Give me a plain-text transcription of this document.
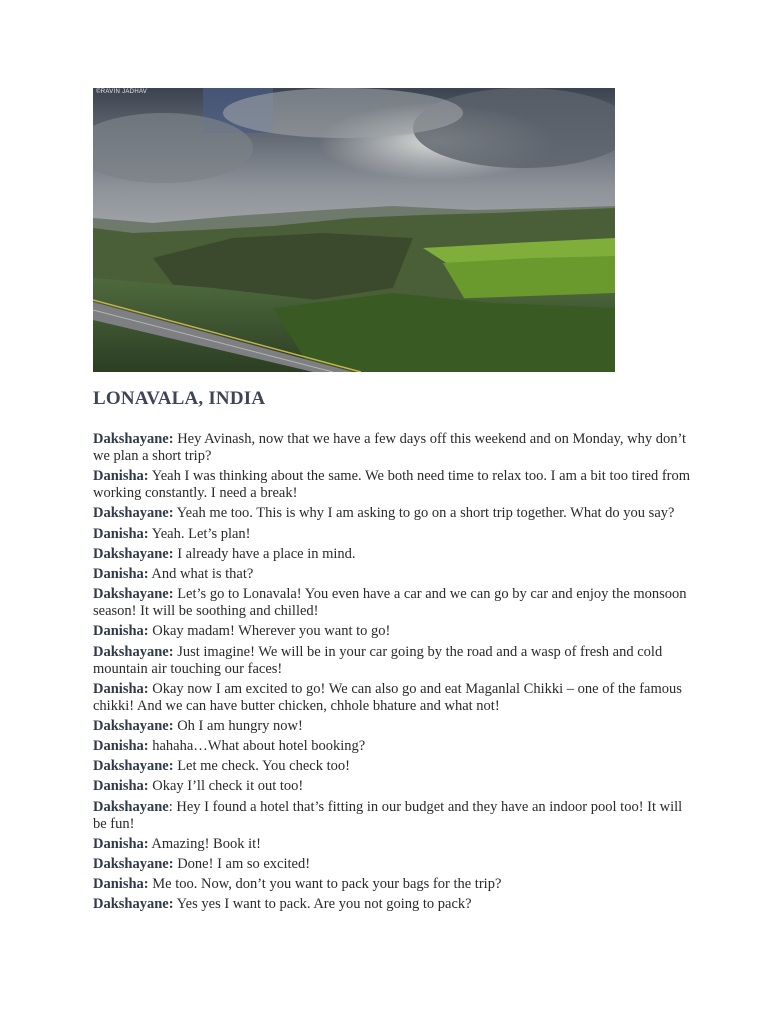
©RAVIN JADHAV
LONAVALA, INDIA

Dakshayane: Hey Avinash, now that we have a few days off this weekend and on Monday, why don’t we plan a short trip?

Danisha: Yeah I was thinking about the same. We both need time to relax too. I am a bit too tired from working constantly. I need a break!

Dakshayane: Yeah me too. This is why I am asking to go on a short trip together. What do you say?

Danisha: Yeah. Let’s plan!

Dakshayane: I already have a place in mind.

Danisha: And what is that?

Dakshayane: Let’s go to Lonavala! You even have a car and we can go by car and enjoy the monsoon season! It will be soothing and chilled!

Danisha: Okay madam! Wherever you want to go!

Dakshayane: Just imagine! We will be in your car going by the road and a wasp of fresh and cold mountain air touching our faces!

Danisha: Okay now I am excited to go! We can also go and eat Maganlal Chikki – one of the famous chikki! And we can have butter chicken, chhole bhature and what not!

Dakshayane: Oh I am hungry now!

Danisha: hahaha…What about hotel booking?

Dakshayane: Let me check. You check too!

Danisha: Okay I’ll check it out too!

Dakshayane: Hey I found a hotel that’s fitting in our budget and they have an indoor pool too! It will be fun!

Danisha: Amazing! Book it!

Dakshayane: Done! I am so excited!

Danisha: Me too. Now, don’t you want to pack your bags for the trip?

Dakshayane: Yes yes I want to pack. Are you not going to pack?
